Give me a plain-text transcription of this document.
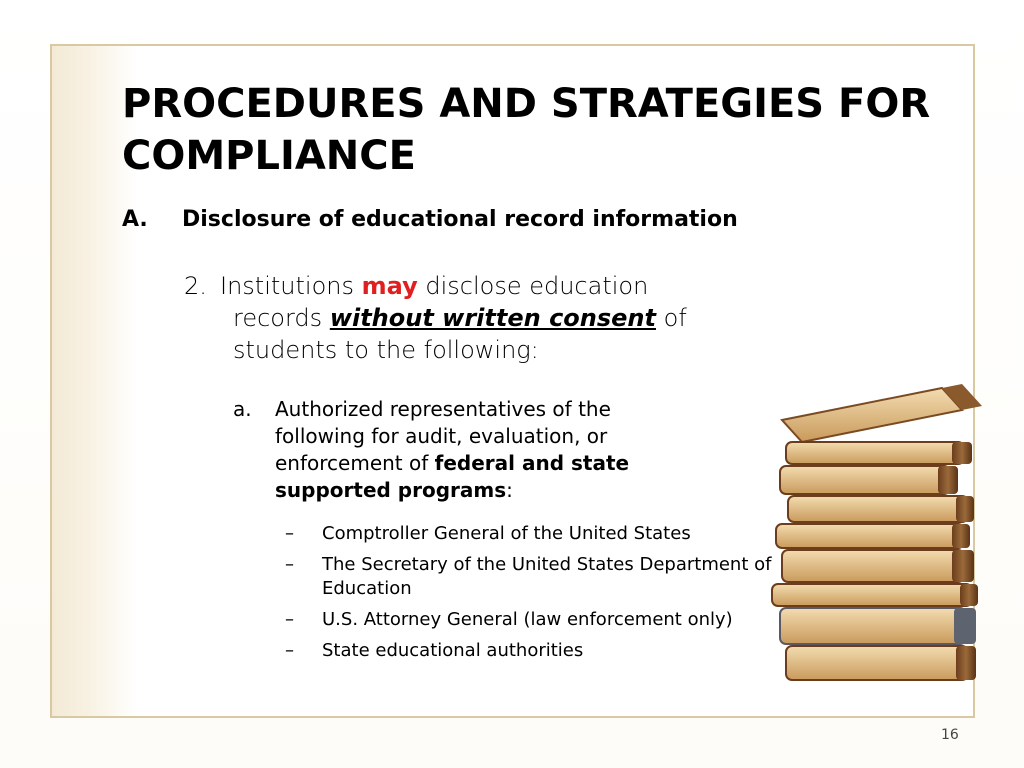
PROCEDURES AND STRATEGIES FOR COMPLIANCE
A. Disclosure of educational record information
2. Institutions may disclose education
records without written consent of
students to the following:
a. Authorized representatives of the
following for audit, evaluation, or
enforcement of federal and state
supported programs:
– Comptroller General of the United States
– The Secretary of the United States Department of Education
– U.S. Attorney General (law enforcement only)
– State educational authorities
16
